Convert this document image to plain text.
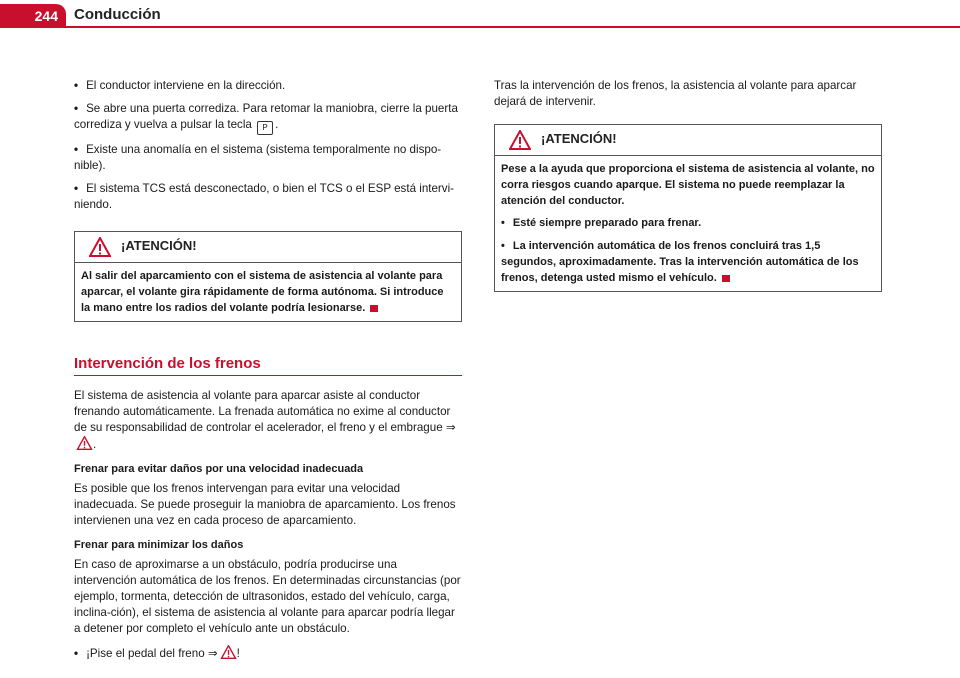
244	Conducción
• El conductor interviene en la dirección.
• Se abre una puerta corrediza. Para retomar la maniobra, cierre la puerta corrediza y vuelva a pulsar la tecla P .
• Existe una anomalía en el sistema (sistema temporalmente no dispo-nible).
• El sistema TCS está desconectado, o bien el TCS o el ESP está intervi-niendo.
¡ATENCIÓN!
Al salir del aparcamiento con el sistema de asistencia al volante para aparcar, el volante gira rápidamente de forma autónoma. Si introduce la mano entre los radios del volante podría lesionarse.
Intervención de los frenos

El sistema de asistencia al volante para aparcar asiste al conductor frenando automáticamente. La frenada automática no exime al conductor de su responsabilidad de controlar el acelerador, el freno y el embrague ⇒.

Frenar para evitar daños por una velocidad inadecuada

Es posible que los frenos intervengan para evitar una velocidad inadecuada. Se puede proseguir la maniobra de aparcamiento. Los frenos intervienen una vez en cada proceso de aparcamiento.

Frenar para minimizar los daños

En caso de aproximarse a un obstáculo, podría producirse una intervención automática de los frenos. En determinadas circunstancias (por ejemplo, tormenta, detección de ultrasonidos, estado del vehículo, carga, inclina-ción), el sistema de asistencia al volante para aparcar podría llegar a detener por completo el vehículo ante un obstáculo.

• ¡Pise el pedal del freno ⇒ !

Tras la intervención de los frenos, la asistencia al volante para aparcar dejará de intervenir.

¡ATENCIÓN!

Pese a la ayuda que proporciona el sistema de asistencia al volante, no corra riesgos cuando aparque. El sistema no puede reemplazar la atención del conductor.

• Esté siempre preparado para frenar.
• La intervención automática de los frenos concluirá tras 1,5 segundos, aproximadamente. Tras la intervención automática de los frenos, detenga usted mismo el vehículo.
